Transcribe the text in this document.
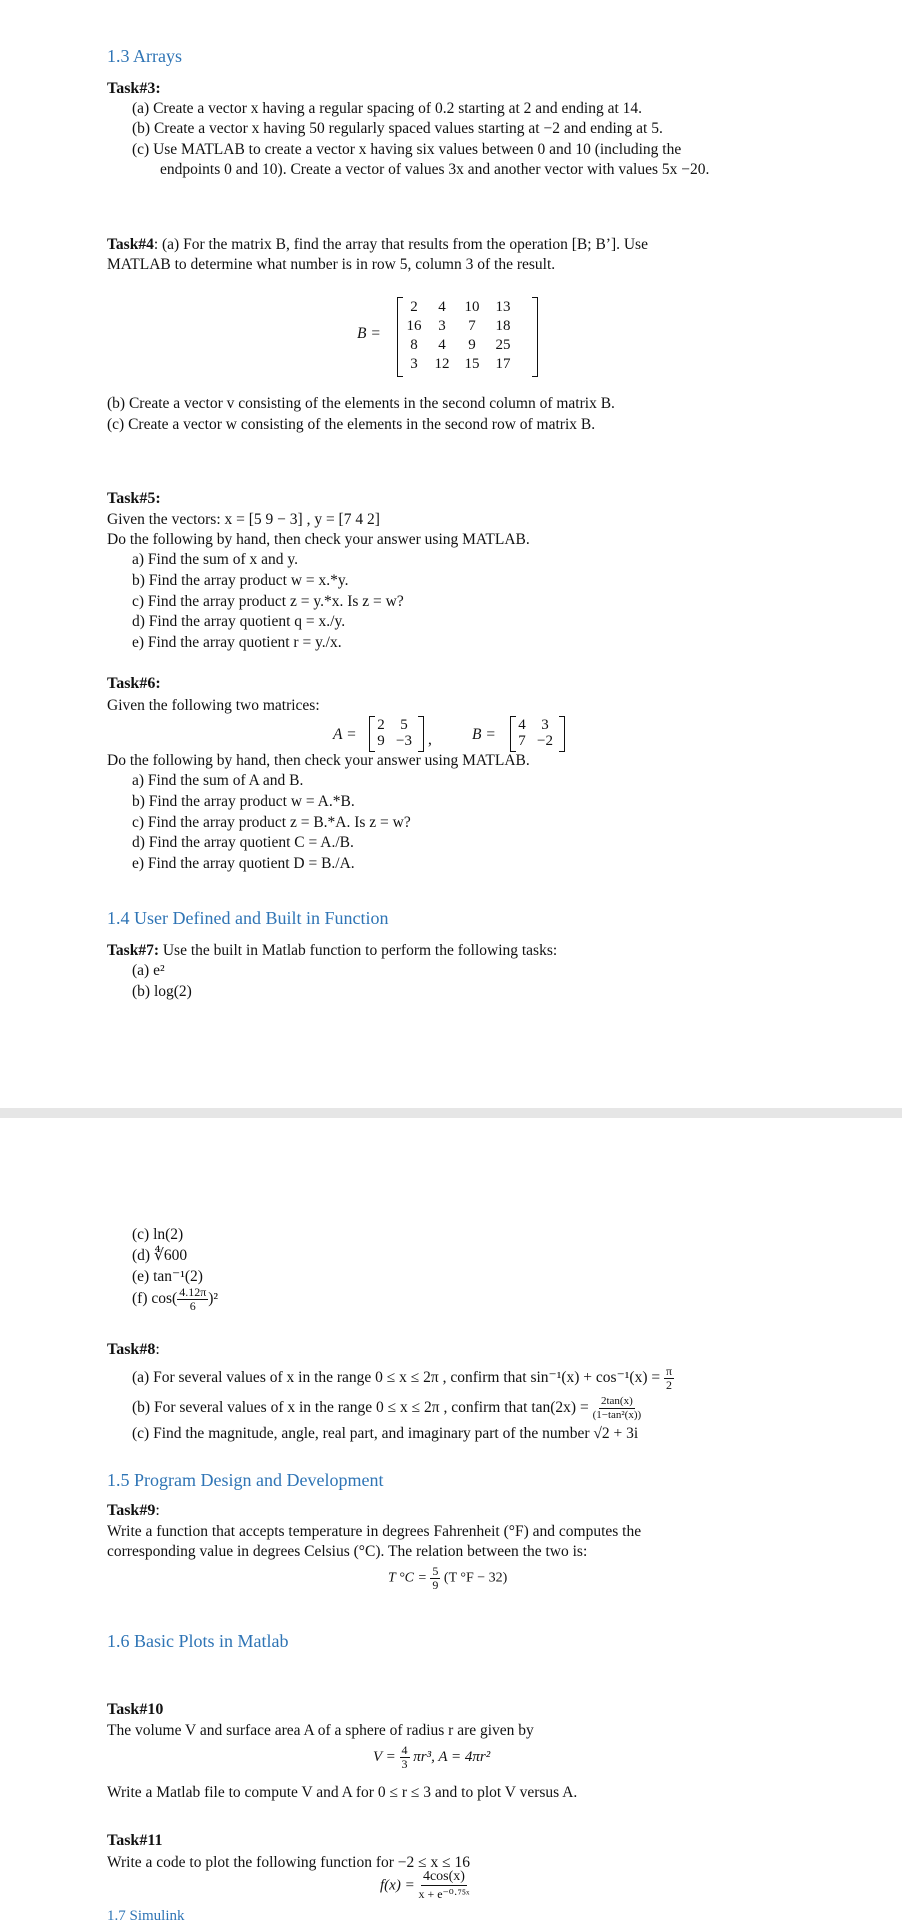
1.3 Arrays
Task#3:
(a) Create a vector x having a regular spacing of 0.2 starting at 2 and ending at 14.
(b) Create a vector x having 50 regularly spaced values starting at −2 and ending at 5.
(c) Use MATLAB to create a vector x having six values between 0 and 10 (including the
endpoints 0 and 10). Create a vector of values 3x and another vector with values 5x −20.
Task#4: (a) For the matrix B, find the array that results from the operation [B; B’]. Use
MATLAB to determine what number is in row 5, column 3 of the result.
B =
2	4	10	13
16	3	7	18
8	4	9	25
3	12	15	17
(b) Create a vector v consisting of the elements in the second column of matrix B.
(c) Create a vector w consisting of the elements in the second row of matrix B.
Task#5:
Given the vectors: x = [5 9 − 3] , y = [7 4 2]
Do the following by hand, then check your answer using MATLAB.
a) Find the sum of x and y.
b) Find the array product w = x.*y.
c) Find the array product z = y.*x. Is z = w?
d) Find the array quotient q = x./y.
e) Find the array quotient r = y./x.
Task#6:
Given the following two matrices:
A =
2	5
9 −3	,	B =
4	3
7 −2
Do the following by hand, then check your answer using MATLAB.
a) Find the sum of A and B.
b) Find the array product w = A.*B.
c) Find the array product z = B.*A. Is z = w?
d) Find the array quotient C = A./B.
e) Find the array quotient D = B./A.
1.4 User Defined and Built in Function
Task#7: Use the built in Matlab function to perform the following tasks:
(a) e²
(b) log(2)
(c) ln(2)
(d) ∜600
(e) tan⁻¹(2)
(f) $\cos( \frac{4.12\pi}{6} )^2$
Task#8:
(a) For several values of x in the range 0 ≤ x ≤ 2π , confirm that $\sin^{-1}(x) + \cos^{-1}(x) = \frac{\pi}{2}$
(b) For several values of x in the range 0 ≤ x ≤ 2π , confirm that $\tan(2x) = \frac{2\tan(x)}{\text{(1−tan²(x))}}$
(c) Find the magnitude, angle, real part, and imaginary part of the number √2 + 3i
1.5 Program Design and Development
Task#9:
Write a function that accepts temperature in degrees Fahrenheit (°F) and computes the
corresponding value in degrees Celsius (°C). The relation between the two is:
T $^\circ C = \frac{5}{9} (T$ °F − 32)
1.6 Basic Plots in Matlab
Task#10
The volume V and surface area A of a sphere of radius r are given by
$V = \frac{4}{3} \pi r^3$, A = 4πr²
Write a Matlab file to compute V and A for 0 ≤ r ≤ 3 and to plot V versus A.
Task#11
Write a code to plot the following function for −2 ≤ x ≤ 16
$f(x) = \frac{4\cos(x)}{\text{x + e⁻⁰·⁷⁵ˣ}}$
1.7 Simulink
